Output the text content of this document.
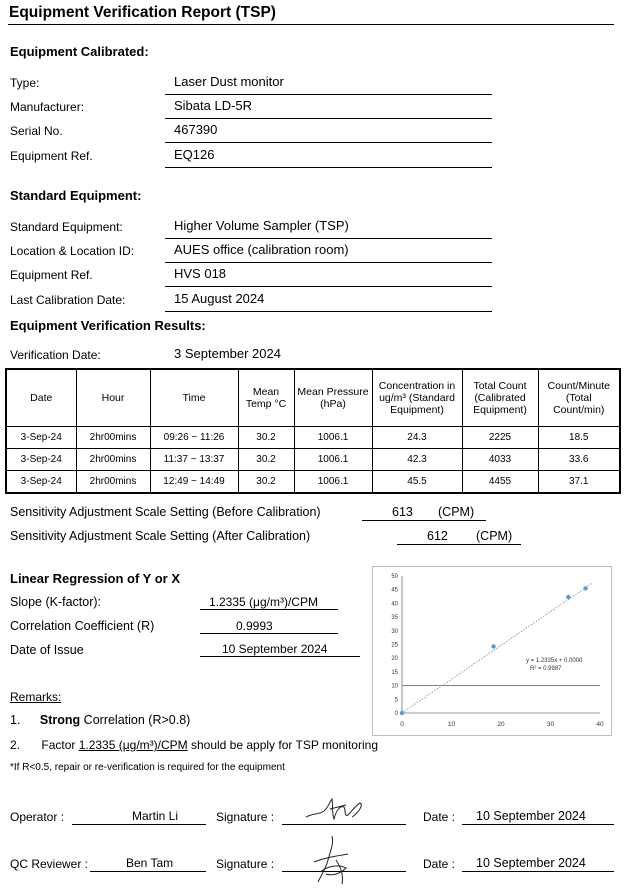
Equipment Verification Report (TSP)
Equipment Calibrated:
Type:	Laser Dust monitor
Manufacturer:	Sibata LD-5R
Serial No.	467390
Equipment Ref.	EQ126
Standard Equipment:
Standard Equipment:	Higher Volume Sampler (TSP)
Location & Location ID:	AUES office (calibration room)
Equipment Ref.	HVS 018
Last Calibration Date:	15 August 2024
Equipment Verification Results:
Verification Date:	3 September 2024
Date	Hour	Time	Mean Temp °C	Mean Pressure (hPa)	Concentration in ug/m³ (Standard Equipment)	Total Count (Calibrated Equipment)	Count/Minute (Total Count/min)
3-Sep-24	2hr00mins	09:26 ~ 11:26	30.2	1006.1	24.3	2225	18.5
3-Sep-24	2hr00mins	11:37 ~ 13:37	30.2	1006.1	42.3	4033	33.6
3-Sep-24	2hr00mins	12:49 ~ 14:49	30.2	1006.1	45.5	4455	37.1
Sensitivity Adjustment Scale Setting (Before Calibration)	613 (CPM)
Sensitivity Adjustment Scale Setting (After Calibration)	612 (CPM)
Linear Regression of Y or X
Slope (K-factor):	1.2335 (μg/m³)/CPM
Correlation Coefficient (R)	0.9993
Date of Issue	10 September 2024
0
5
10
15
20
25
30
35
40
45
50
0	10	20	30	40
y = 1.2335x + 0.0000
R² = 0.9987
Remarks:
1. Strong Correlation (R>0.8)
2. Factor 1.2335 (μg/m³)/CPM should be apply for TSP monitoring
*If R<0.5, repair or re-verification is required for the equipment
Operator :	Martin Li	Signature :	Date : 10 September 2024
QC Reviewer :	Ben Tam	Signature :	Date : 10 September 2024
